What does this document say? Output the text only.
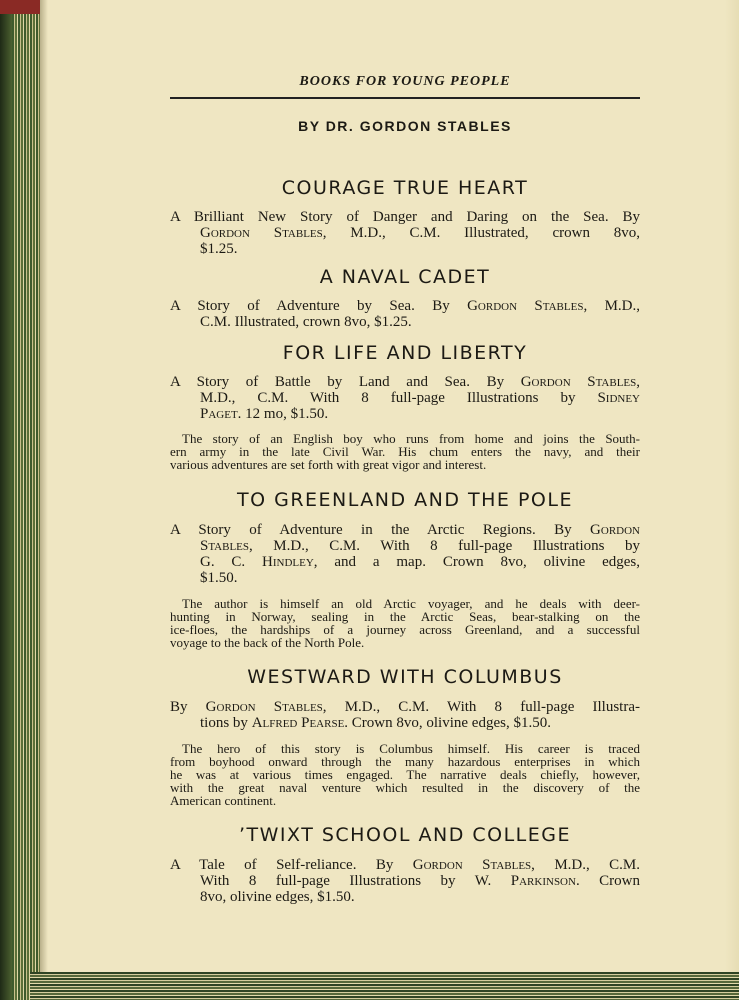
BOOKS FOR YOUNG PEOPLE
BY DR. GORDON STABLES
COURAGE TRUE HEART
A Brilliant New Story of Danger and Daring on the Sea. By
Gordon Stables, M.D., C.M. Illustrated, crown 8vo,
$1.25.
A NAVAL CADET
A Story of Adventure by Sea. By Gordon Stables, M.D.,
C.M. Illustrated, crown 8vo, $1.25.
FOR LIFE AND LIBERTY
A Story of Battle by Land and Sea. By Gordon Stables,
M.D., C.M. With 8 full-page Illustrations by Sidney
Paget. 12 mo, $1.50.
The story of an English boy who runs from home and joins the South-
ern army in the late Civil War. His chum enters the navy, and their
various adventures are set forth with great vigor and interest.
TO GREENLAND AND THE POLE
A Story of Adventure in the Arctic Regions. By Gordon
Stables, M.D., C.M. With 8 full-page Illustrations by
G. C. Hindley, and a map. Crown 8vo, olivine edges,
$1.50.
The author is himself an old Arctic voyager, and he deals with deer-
hunting in Norway, sealing in the Arctic Seas, bear-stalking on the
ice-floes, the hardships of a journey across Greenland, and a successful
voyage to the back of the North Pole.
WESTWARD WITH COLUMBUS
By Gordon Stables, M.D., C.M. With 8 full-page Illustra-
tions by Alfred Pearse. Crown 8vo, olivine edges, $1.50.
The hero of this story is Columbus himself. His career is traced
from boyhood onward through the many hazardous enterprises in which
he was at various times engaged. The narrative deals chiefly, however,
with the great naval venture which resulted in the discovery of the
American continent.
’TWIXT SCHOOL AND COLLEGE
A Tale of Self-reliance. By Gordon Stables, M.D., C.M.
With 8 full-page Illustrations by W. Parkinson. Crown
8vo, olivine edges, $1.50.
